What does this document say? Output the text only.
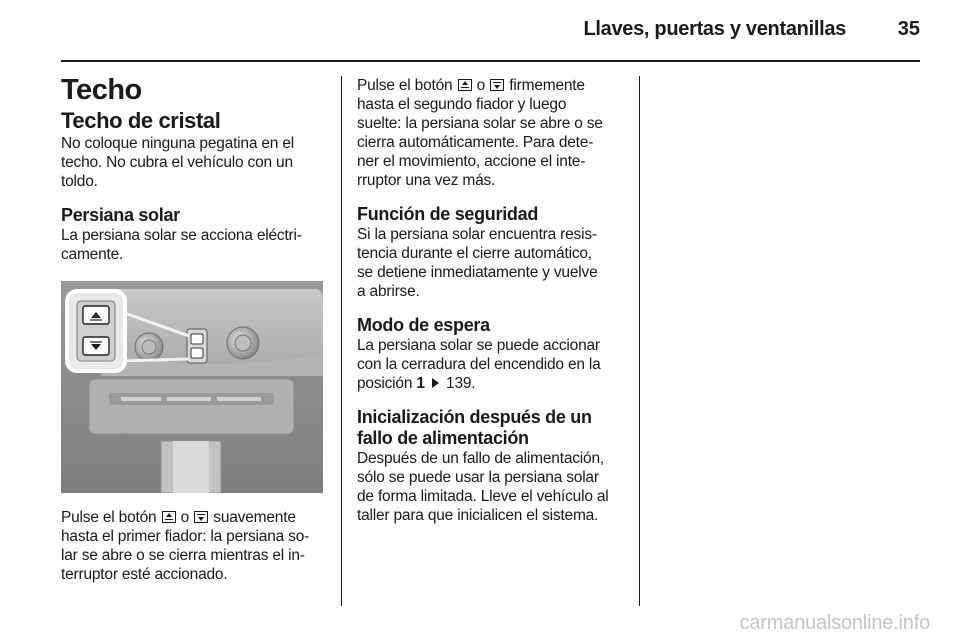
Llaves, puertas y ventanillas	35
Techo
Techo de cristal

No coloque ninguna pegatina en el

techo. No cubra el vehículo con un

toldo.

Persiana solar

La persiana solar se acciona eléctri-

camente.

Pulse el botón o suavemente

hasta el primer fiador: la persiana so-

lar se abre o se cierra mientras el in-

terruptor esté accionado.

Pulse el botón o firmemente

hasta el segundo fiador y luego

suelte: la persiana solar se abre o se

cierra automáticamente. Para dete-

ner el movimiento, accione el inte-

rruptor una vez más.

Función de seguridad

Si la persiana solar encuentra resis-

tencia durante el cierre automático,

se detiene inmediatamente y vuelve

a abrirse.

Modo de espera

La persiana solar se puede accionar

con la cerradura del encendido en la

posición 1 139.

Inicialización después de un
fallo de alimentación

Después de un fallo de alimentación,

sólo se puede usar la persiana solar

de forma limitada. Lleve el vehículo al

taller para que inicialicen el sistema.

carmanualsonline.info
